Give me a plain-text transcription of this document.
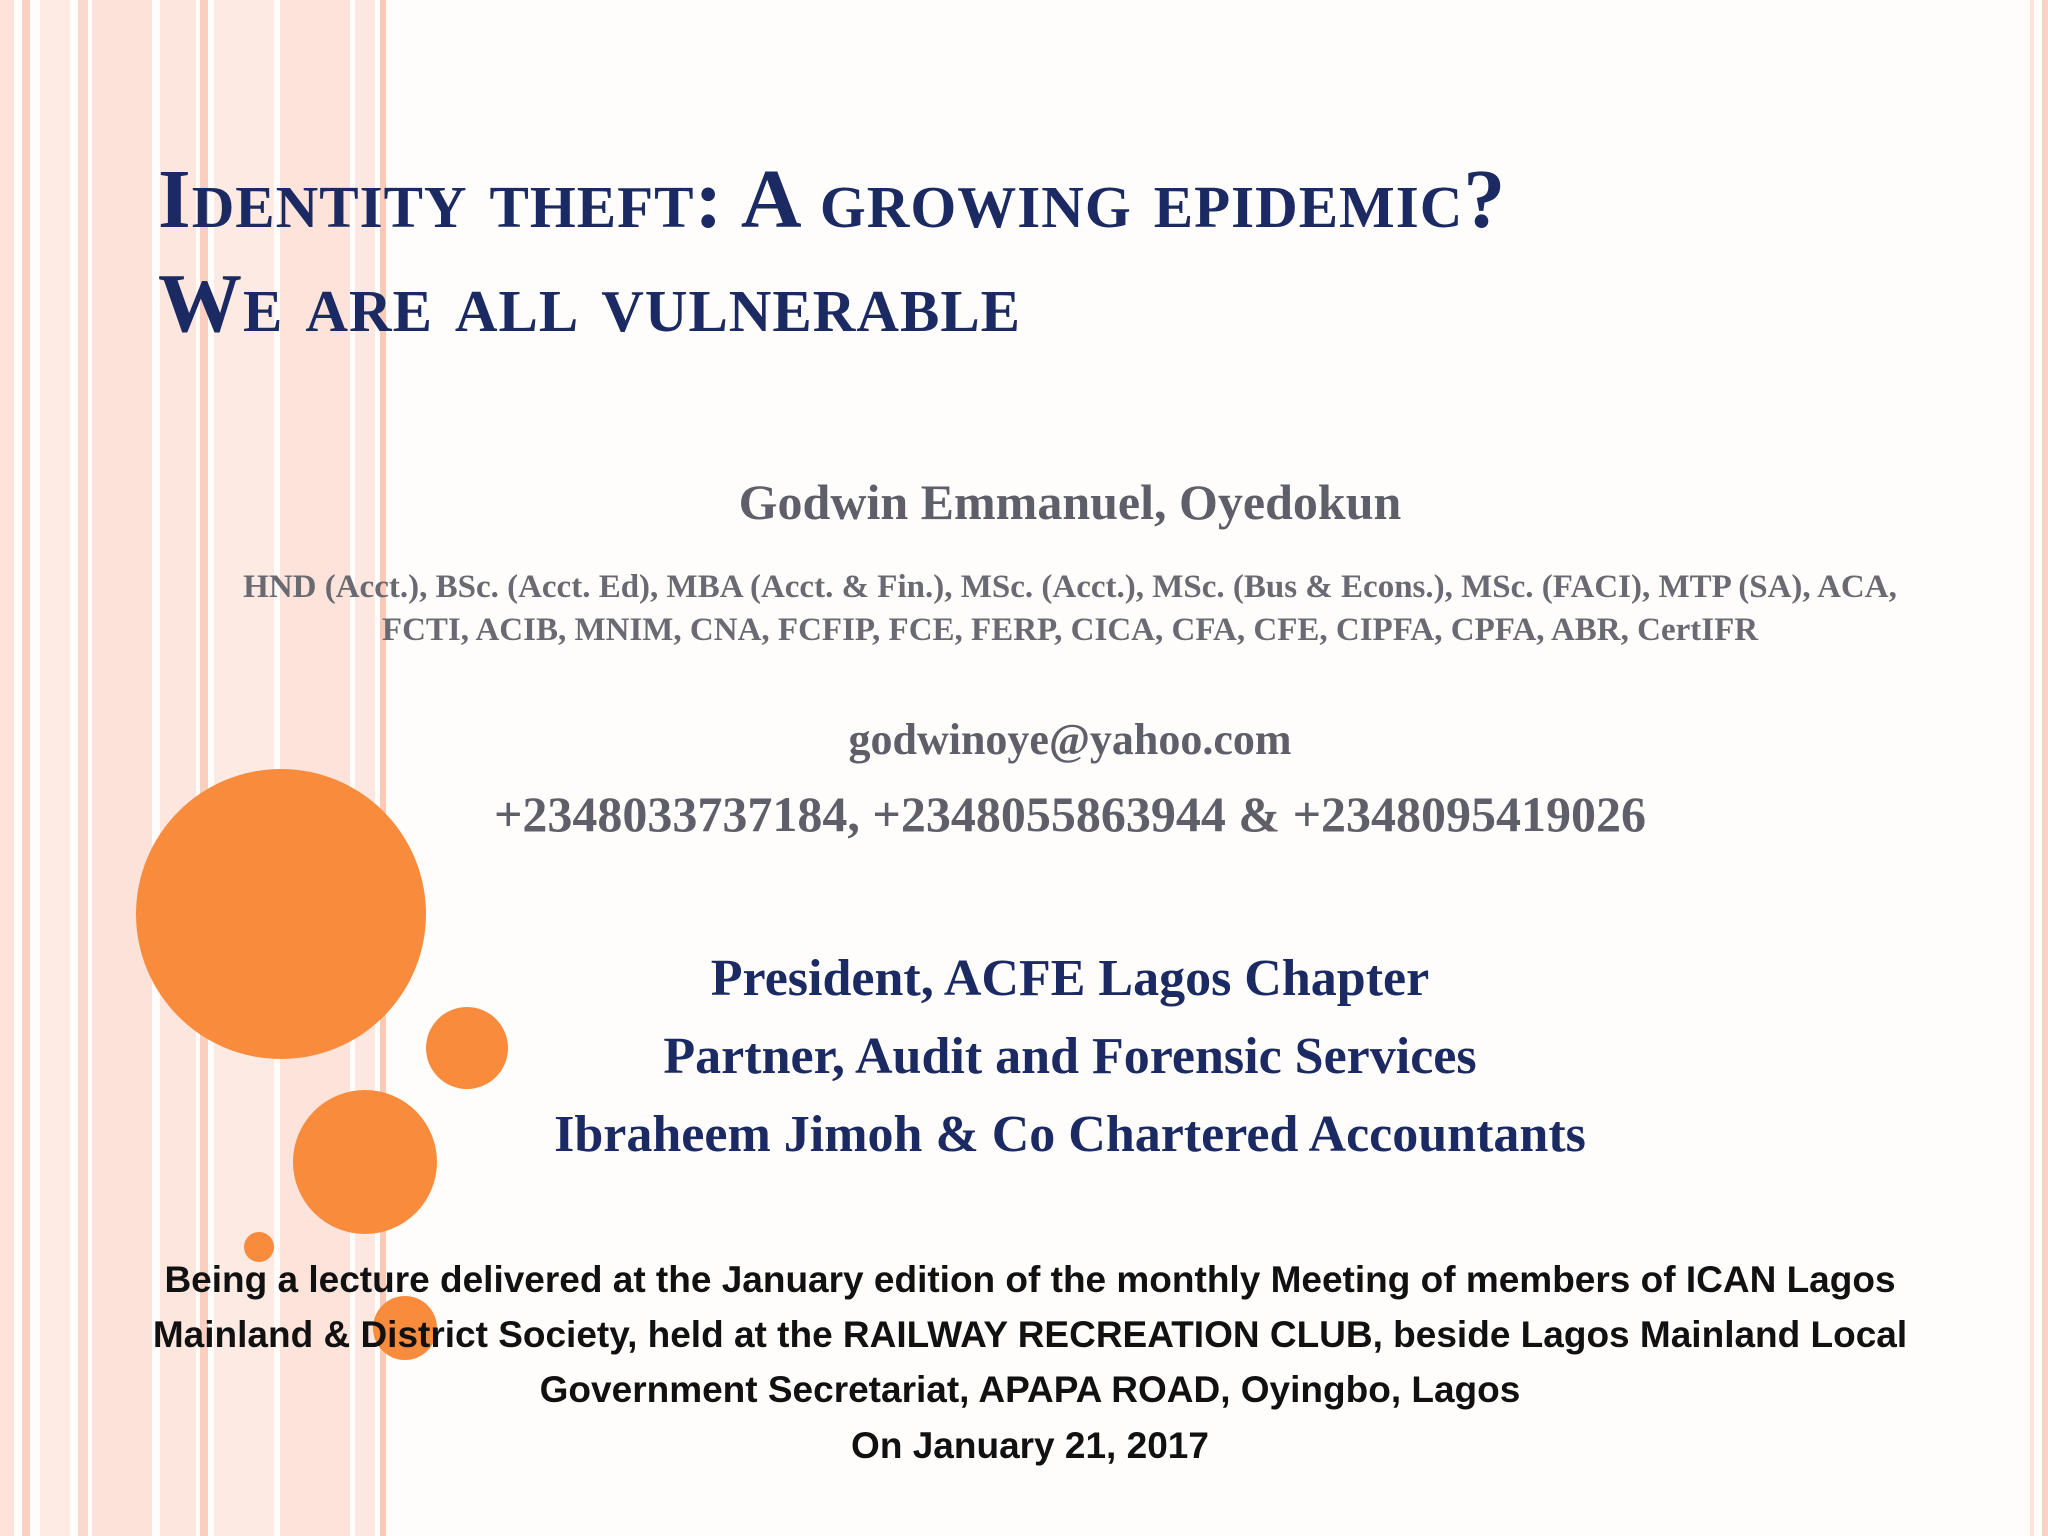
Identity theft: A growing epidemic?
We are all vulnerable
Godwin Emmanuel, Oyedokun
HND (Acct.), BSc. (Acct. Ed), MBA (Acct. & Fin.), MSc. (Acct.), MSc. (Bus & Econs.), MSc. (FACI), MTP (SA), ACA, FCTI, ACIB, MNIM, CNA, FCFIP, FCE, FERP, CICA, CFA, CFE, CIPFA, CPFA, ABR, CertIFR
godwinoye@yahoo.com
+2348033737184, +2348055863944 & +2348095419026
President, ACFE Lagos Chapter
Partner, Audit and Forensic Services
Ibraheem Jimoh & Co Chartered Accountants
Being a lecture delivered at the January edition of the monthly Meeting of members of ICAN Lagos Mainland & District Society, held at the RAILWAY RECREATION CLUB, beside Lagos Mainland Local Government Secretariat, APAPA ROAD, Oyingbo, Lagos
On January 21, 2017
